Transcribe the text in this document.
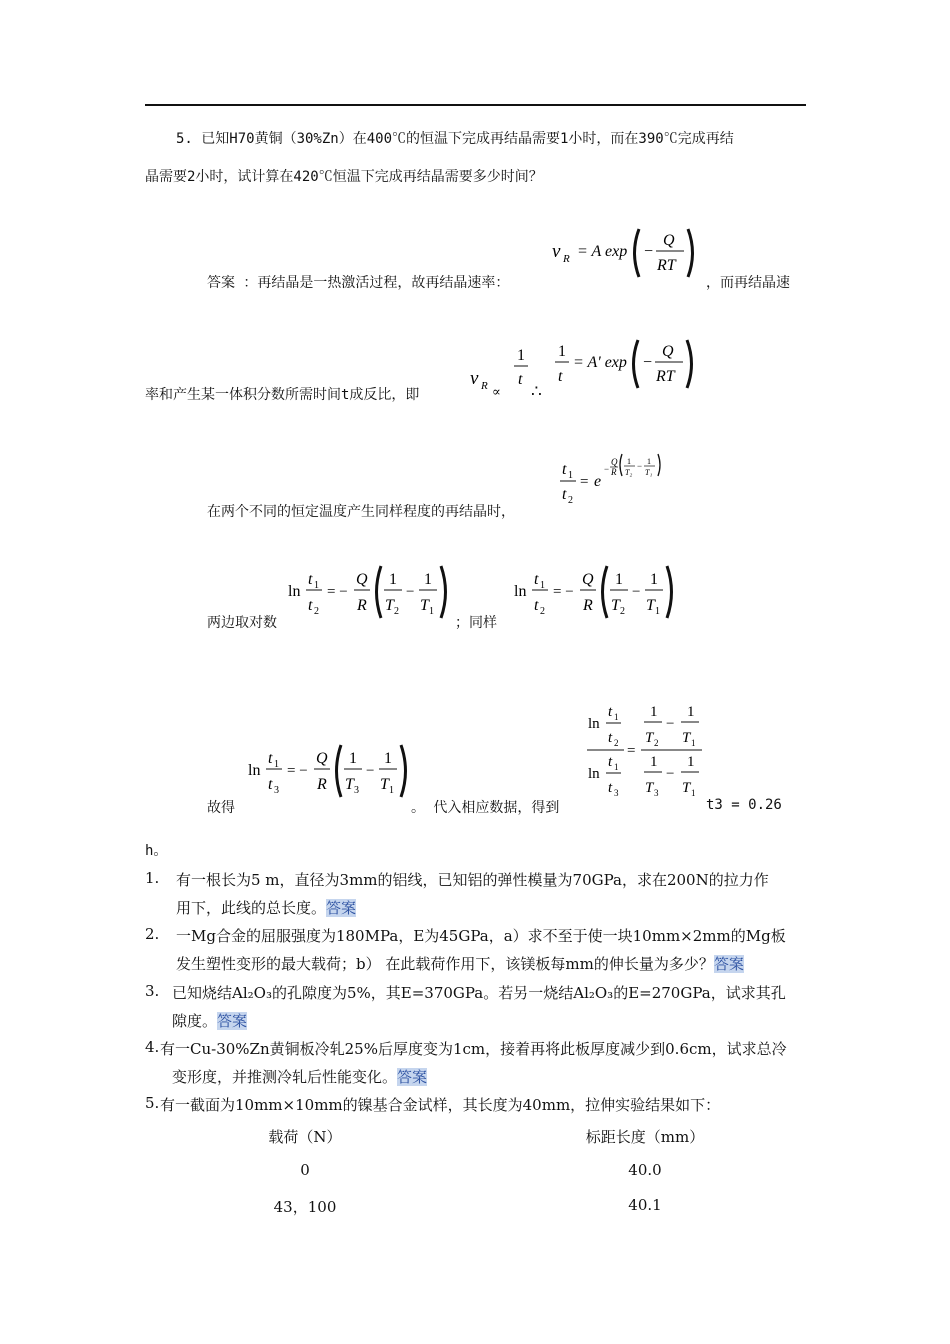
5. 已知H70黄铜（30%Zn）在400℃的恒温下完成再结晶需要1小时，而在390℃完成再结
晶需要2小时，试计算在420℃恒温下完成再结晶需要多少时间？
答案 ：再结晶是一热激活过程，故再结晶速率：
ν R = A exp −
Q
RT
，而再结晶速
率和产生某一体积分数所需时间t成反比，即
ν R ∝
1
t
∴
1
t
= A' exp −
Q
RT
t 1
t 2
= e
−
Q
R
1
T₂
− 1
T₁
在两个不同的恒定温度产生同样程度的再结晶时，
两边取对数
ln
t 1
t 2
= −
Q
R
1
T 2
−
1
T 1
；同样
ln
t 1
t 2
= −
Q
R
1
T 2
−
1
T 1
故得
ln
t 1
t 3
= −
Q
R
1
T 3
−
1
T 1
。 代入相应数据，得到
ln
t 1
t 2
ln
t 1
t 3
=
1
T 2
−
1
T 1
1
T 3
−
1
T 1
t3 = 0.26
h。
1. 有一根长为5 m，直径为3mm的铝线，已知铝的弹性模量为70GPa，求在200N的拉力作
用下，此线的总长度。答案
2. 一Mg合金的屈服强度为180MPa，E为45GPa，a）求不至于使一块10mm×2mm的Mg板
发生塑性变形的最大载荷；b） 在此载荷作用下，该镁板每mm的伸长量为多少？答案
3. 已知烧结Al₂O₃的孔隙度为5%，其E=370GPa。若另一烧结Al₂O₃的E=270GPa，试求其孔
隙度。答案
4. 有一Cu-30%Zn黄铜板冷轧25%后厚度变为1cm，接着再将此板厚度减少到0.6cm，试求总冷
变形度，并推测冷轧后性能变化。答案
5. 有一截面为10mm×10mm的镍基合金试样，其长度为40mm，拉伸实验结果如下：
载荷（N）	标距长度（mm）
0	40.0
43，100	40.1
